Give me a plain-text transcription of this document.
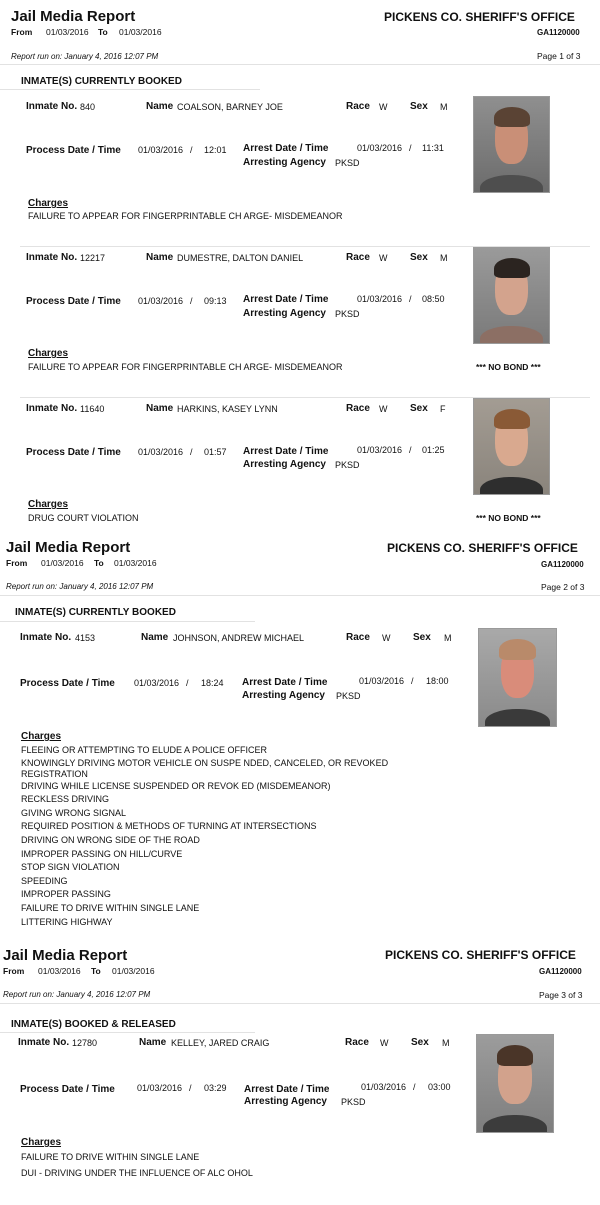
Jail Media Report
From 01/03/2016 To 01/03/2016
PICKENS CO. SHERIFF'S OFFICE
GA1120000
Report run on: January 4, 2016 12:07 PM	Page 1 of 3
INMATE(S) CURRENTLY BOOKED
Inmate No. 840	Name COALSON, BARNEY JOE	Race W Sex M
Process Date / Time 01/03/2016 / 12:01 Arrest Date / Time	01/03/2016 / 11:31
Arresting Agency PKSD
Charges
FAILURE TO APPEAR FOR FINGERPRINTABLE CH ARGE- MISDEMEANOR
Inmate No. 12217	Name DUMESTRE, DALTON DANIEL	Race W Sex M
Process Date / Time 01/03/2016 / 09:13 Arrest Date / Time	01/03/2016 / 08:50
Arresting Agency PKSD
Charges
FAILURE TO APPEAR FOR FINGERPRINTABLE CH ARGE- MISDEMEANOR	*** NO BOND ***
Inmate No. 11640	Name HARKINS, KASEY LYNN	Race W Sex F
Process Date / Time 01/03/2016 / 01:57 Arrest Date / Time	01/03/2016 / 01:25
Arresting Agency PKSD
Charges
DRUG COURT VIOLATION	*** NO BOND ***
Jail Media Report
From 01/03/2016 To 01/03/2016
PICKENS CO. SHERIFF'S OFFICE
GA1120000
Report run on: January 4, 2016 12:07 PM	Page 2 of 3
INMATE(S) CURRENTLY BOOKED
Inmate No. 4153	Name JOHNSON, ANDREW MICHAEL	Race W Sex M
Process Date / Time 01/03/2016 / 18:24 Arrest Date / Time	01/03/2016 / 18:00
Arresting Agency PKSD
Charges
FLEEING OR ATTEMPTING TO ELUDE A POLICE OFFICER
KNOWINGLY DRIVING MOTOR VEHICLE ON SUSPE NDED, CANCELED, OR REVOKED
REGISTRATION
DRIVING WHILE LICENSE SUSPENDED OR REVOK ED (MISDEMEANOR)
RECKLESS DRIVING
GIVING WRONG SIGNAL
REQUIRED POSITION & METHODS OF TURNING AT INTERSECTIONS
DRIVING ON WRONG SIDE OF THE ROAD
IMPROPER PASSING ON HILL/CURVE
STOP SIGN VIOLATION
SPEEDING
IMPROPER PASSING
FAILURE TO DRIVE WITHIN SINGLE LANE
LITTERING HIGHWAY
Jail Media Report
From 01/03/2016 To 01/03/2016
PICKENS CO. SHERIFF'S OFFICE
GA1120000
Report run on: January 4, 2016 12:07 PM	Page 3 of 3
INMATE(S) BOOKED & RELEASED
Inmate No. 12780	Name KELLEY, JARED CRAIG	Race W Sex M
Process Date / Time 01/03/2016 / 03:29 Arrest Date / Time	01/03/2016 / 03:00
Arresting Agency PKSD
Charges
FAILURE TO DRIVE WITHIN SINGLE LANE
DUI - DRIVING UNDER THE INFLUENCE OF ALC OHOL
